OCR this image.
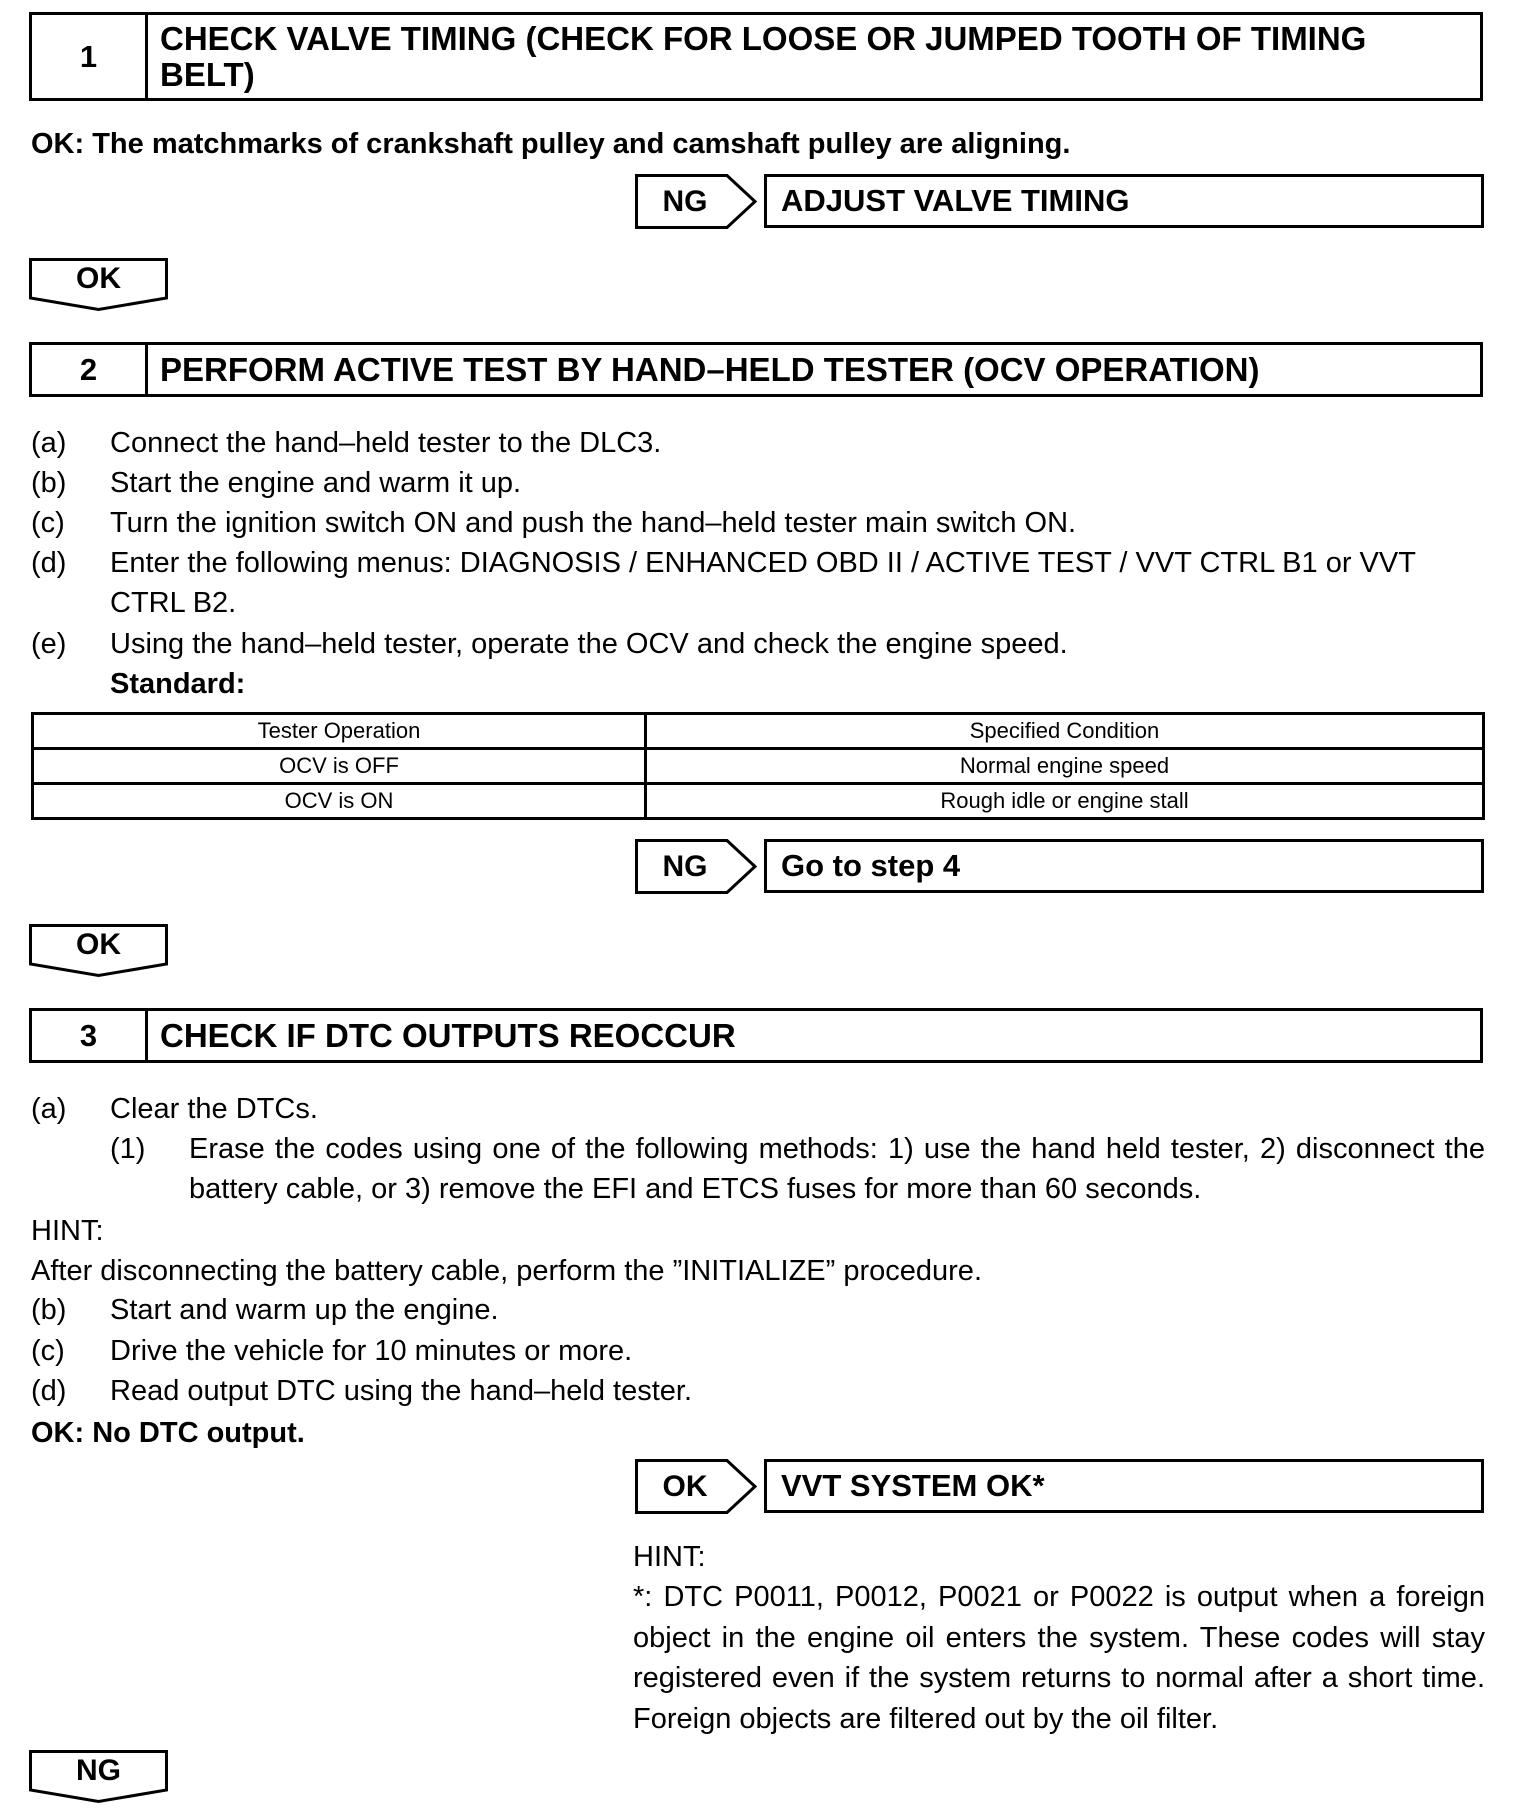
1	CHECK VALVE TIMING (CHECK FOR LOOSE OR JUMPED TOOTH OF TIMING
BELT)
OK: The matchmarks of crankshaft pulley and camshaft pulley are aligning.
NG	ADJUST VALVE TIMING
OK
2	PERFORM ACTIVE TEST BY HAND–HELD TESTER (OCV OPERATION)
(a) Connect the hand–held tester to the DLC3.
(b) Start the engine and warm it up.
(c) Turn the ignition switch ON and push the hand–held tester main switch ON.
(d) Enter the following menus: DIAGNOSIS / ENHANCED OBD II / ACTIVE TEST / VVT CTRL B1 or VVT
CTRL B2.
(e) Using the hand–held tester, operate the OCV and check the engine speed.
Standard:
Tester Operation	Specified Condition
OCV is OFF	Normal engine speed
OCV is ON	Rough idle or engine stall
NG	Go to step 4
OK
3	CHECK IF DTC OUTPUTS REOCCUR
(a) Clear the DTCs.
(1) Erase the codes using one of the following methods: 1) use the hand held tester, 2) disconnect the battery cable, or 3) remove the EFI and ETCS fuses for more than 60 seconds.
HINT:
After disconnecting the battery cable, perform the ”INITIALIZE” procedure.
(b) Start and warm up the engine.
(c) Drive the vehicle for 10 minutes or more.
(d) Read output DTC using the hand–held tester.
OK: No DTC output.
OK	VVT SYSTEM OK*
HINT:
*: DTC P0011, P0012, P0021 or P0022 is output when a foreign object in the engine oil enters the system. These codes will stay registered even if the system returns to normal after a short time. Foreign objects are filtered out by the oil filter.
NG
